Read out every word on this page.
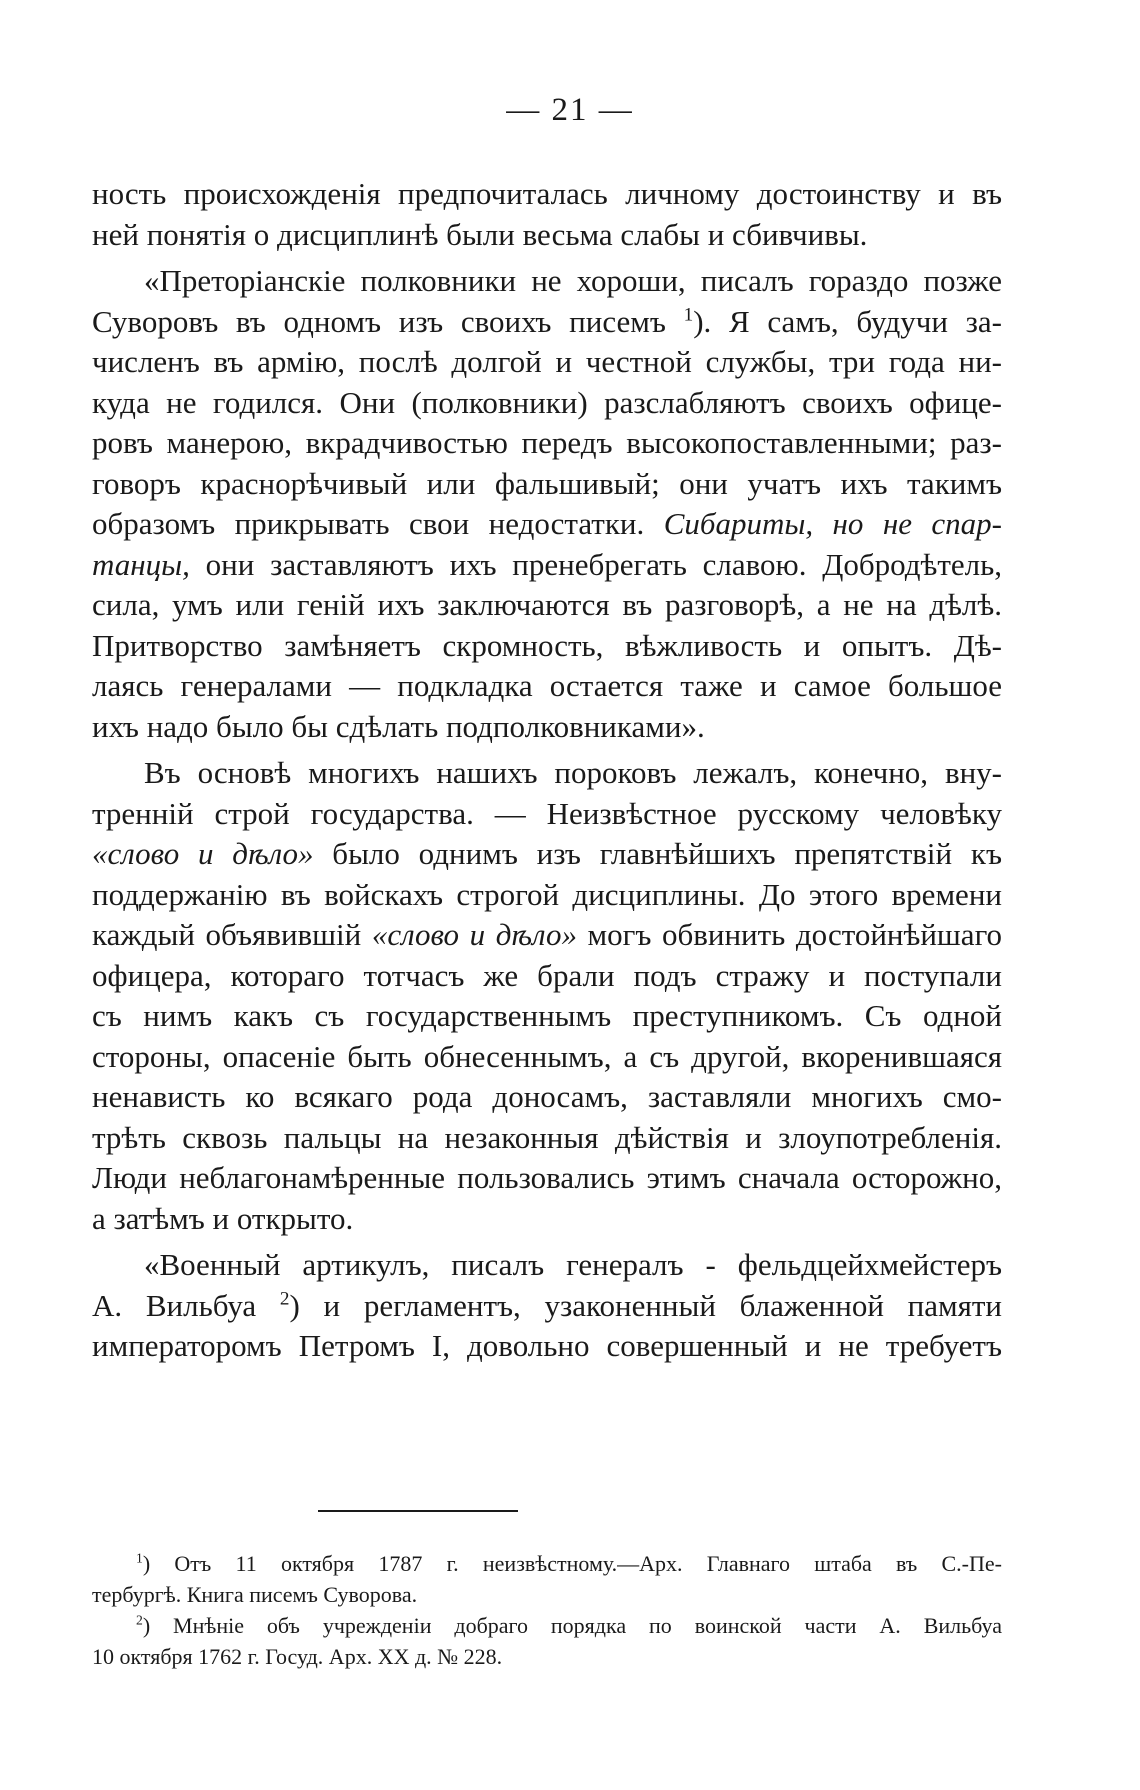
— 21 —
ность происхожденія предпочиталась личному достоинству и въ
ней понятія о дисциплинѣ были весьма слабы и сбивчивы.
«Преторіанскіе полковники не хороши, писалъ гораздо позже
Суворовъ въ одномъ изъ своихъ писемъ $^1$). Я самъ, будучи за-
численъ въ армію, послѣ долгой и честной службы, три года ни-
куда не годился. Они (полковники) разслабляютъ своихъ офице-
ровъ манерою, вкрадчивостью передъ высокопоставленными; раз-
говоръ краснорѣчивый или фальшивый; они учатъ ихъ такимъ
образомъ прикрывать свои недостатки. Сибариты, но не спар-
танцы, они заставляютъ ихъ пренебрегать славою. Добродѣтель,
сила, умъ или геній ихъ заключаются въ разговорѣ, а не на дѣлѣ.
Притворство замѣняетъ скромность, вѣжливость и опытъ. Дѣ-
лаясь генералами — подкладка остается таже и самое большое
ихъ надо было бы сдѣлать подполковниками».
Въ основѣ многихъ нашихъ пороковъ лежалъ, конечно, вну-
тренній строй государства. — Неизвѣстное русскому человѣку
«слово и дѣло» было однимъ изъ главнѣйшихъ препятствій къ
поддержанію въ войскахъ строгой дисциплины. До этого времени
каждый объявившій «слово и дѣло» могъ обвинить достойнѣйшаго
офицера, котораго тотчасъ же брали подъ стражу и поступали
съ нимъ какъ съ государственнымъ преступникомъ. Съ одной
стороны, опасеніе быть обнесеннымъ, а съ другой, вкоренившаяся
ненависть ко всякаго рода доносамъ, заставляли многихъ смо-
трѣть сквозь пальцы на незаконныя дѣйствія и злоупотребленія.
Люди неблагонамѣренные пользовались этимъ сначала осторожно,
а затѣмъ и открыто.
«Военный артикулъ, писалъ генералъ - фельдцейхмейстеръ
А. Вильбуа $^2$) и регламентъ, узаконенный блаженной памяти
императоромъ Петромъ I, довольно совершенный и не требуетъ
$^1$) Отъ 11 октября 1787 г. неизвѣстному.—Арх. Главнаго штаба въ С.-Пе-
тербургѣ. Книга писемъ Суворова.
$^2$) Мнѣніе объ учрежденіи добраго порядка по воинской части А. Вильбуа
10 октября 1762 г. Госуд. Арх. XX д. № 228.
